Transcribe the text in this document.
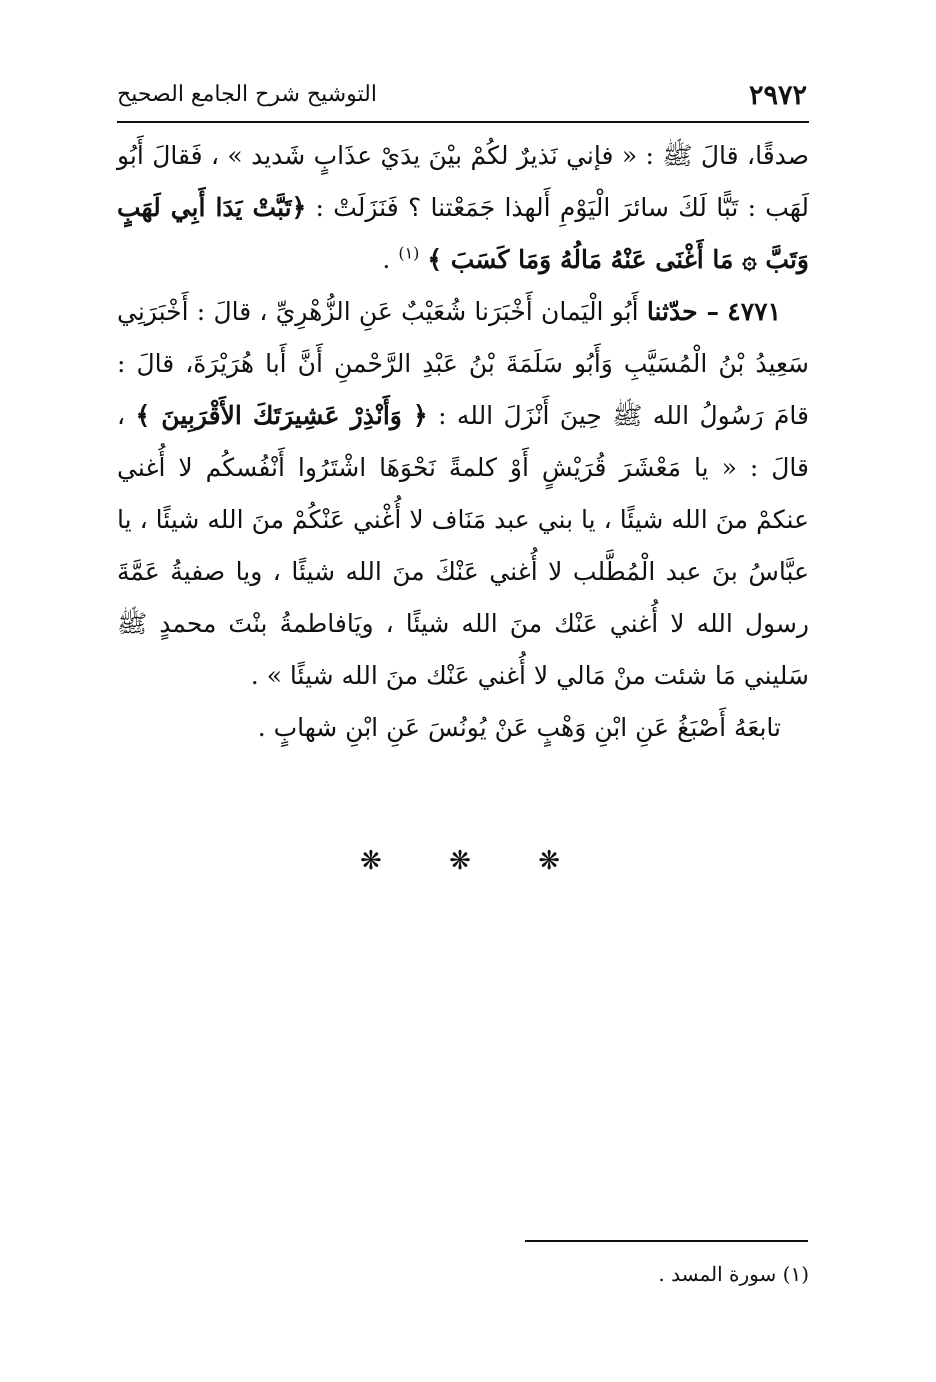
٢٩٧٢
التوشيح شرح الجامع الصحيح

صدقًا، قالَ ﷺ : « فإني نَذيرٌ لكُمْ بيْنَ يدَيْ عذَابٍ شَديد » ، فَقالَ أَبُو لَهَب : تَبًّا لَكَ سائرَ الْيَوْمِ أَلهذا جَمَعْتنا ؟ فَنَزَلَتْ : ﴿تَبَّتْ يَدَا أَبِي لَهَبٍ وَتَبَّ ۞ مَا أَغْنَى عَنْهُ مَالُهُ وَمَا كَسَبَ ﴾ $^{(١)}$ .

٤٧٧١ – حدّثنا أَبُو الْيَمان أَخْبَرَنا شُعَيْبٌ عَنِ الزُّهْرِيِّ ، قالَ : أَخْبَرَنِي سَعِيدُ بْنُ الْمُسَيَّبِ وَأَبُو سَلَمَةَ بْنُ عَبْدِ الرَّحْمنِ أَنَّ أَبا هُرَيْرَةَ، قالَ : قامَ رَسُولُ الله ﷺ حِينَ أَنْزَلَ الله : ﴿ وَأَنْذِرْ عَشِيرَتَكَ الأَقْرَبِينَ ﴾ ، قالَ : « يا مَعْشَرَ قُرَيْشٍ أَوْ كلمةً نَحْوَهَا اشْتَرُوا أَنْفُسكُم لا أُغني عنكمْ منَ الله شيئًا ، يا بني عبد مَنَاف لا أُغْني عَنْكُمْ منَ الله شيئًا ، يا عبَّاسُ بنَ عبد الْمُطَّلب لا أُغني عَنْكَ منَ الله شيئًا ، ويا صفيةُ عَمَّةَ رسول الله لا أُغني عَنْك منَ الله شيئًا ، ويَافاطمةُ بنْتَ محمدٍ ﷺ سَليني مَا شئت منْ مَالي لا أُغني عَنْك منَ الله شيئًا » .

تابعَهُ أَصْبَغُ عَنِ ابْنِ وَهْبٍ عَنْ يُونُسَ عَنِ ابْنِ شهابٍ .

❋	❋	❋
(١) سورة المسد .
